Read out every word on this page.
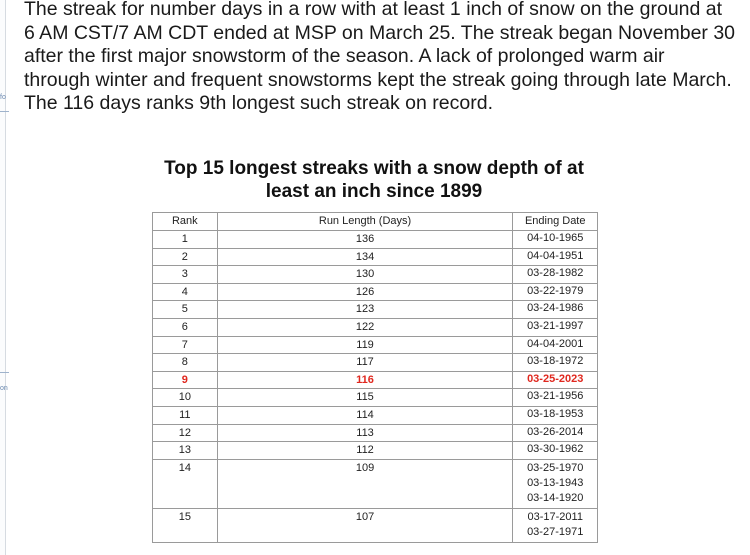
fo
on

The streak for number days in a row with at least 1 inch of snow on the ground at 6 AM CST/7 AM CDT ended at MSP on March 25. The streak began November 30 after the first major snowstorm of the season. A lack of prolonged warm air through winter and frequent snowstorms kept the streak going through late March. The 116 days ranks 9th longest such streak on record.

Top 15 longest streaks with a snow depth of at least an inch since 1899
Rank	Run Length (Days)	Ending Date
1	136	04-10-1965

2	134	04-04-1951

3	130	03-28-1982

4	126	03-22-1979

5	123	03-24-1986

6	122	03-21-1997

7	119	04-04-2001

8	117	03-18-1972

9	116	03-25-2023

10	115	03-21-1956

11	114	03-18-1953

12	113	03-26-2014

13	112	03-30-1962

14	109	03-25-1970
03-13-1943
03-14-1920

15	107	03-17-2011
03-27-1971
